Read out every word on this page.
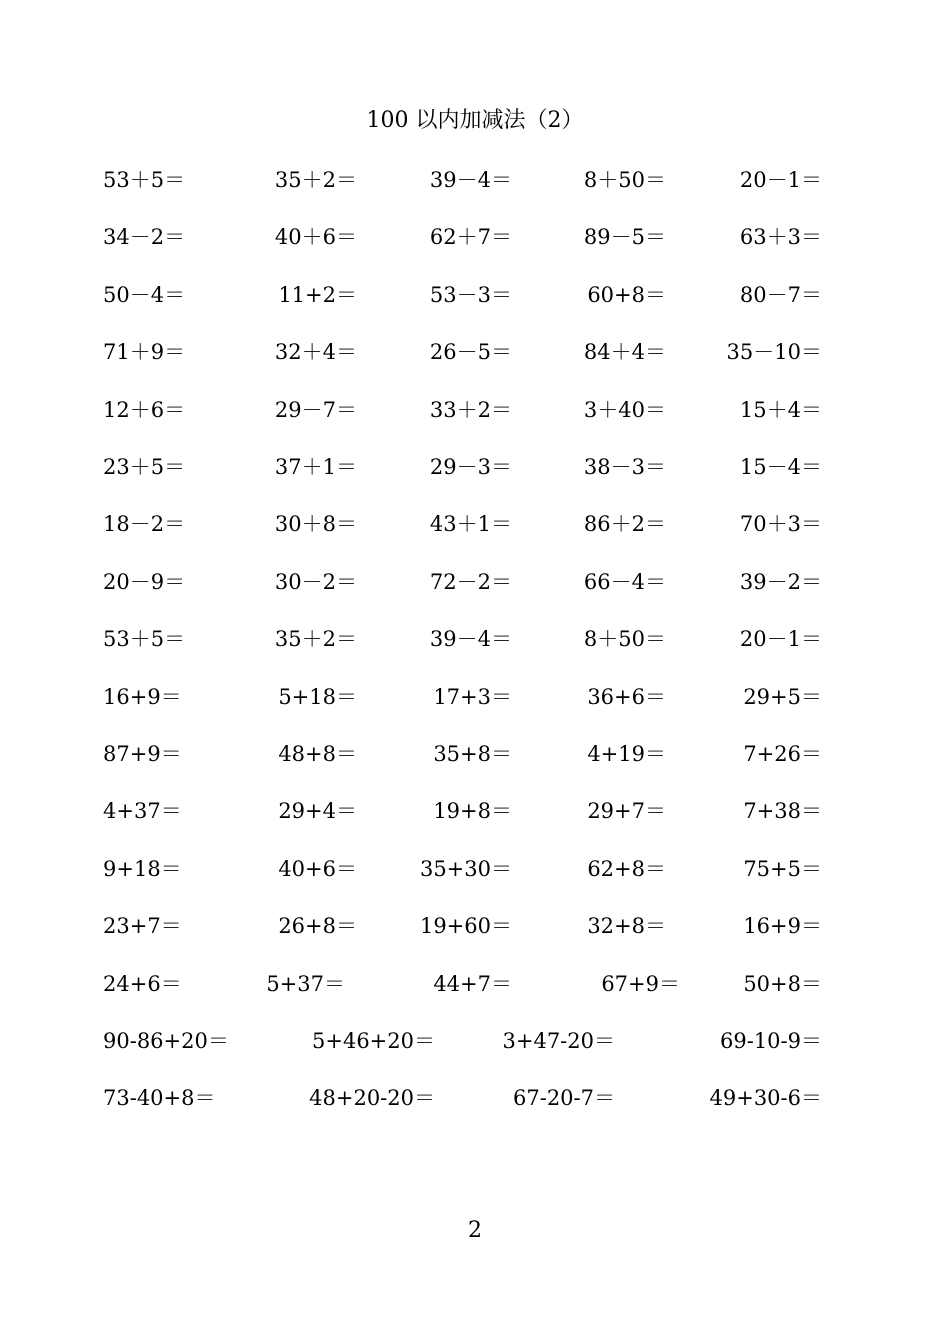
100 以内加减法（2）
53＋5＝	35＋2＝	39－4＝	8＋50＝	20－1＝
34－2＝	40＋6＝	62＋7＝	89－5＝	63＋3＝
50－4＝	11+2＝	53－3＝	60+8＝	80－7＝
71＋9＝	32＋4＝	26－5＝	84＋4＝	35－10＝
12＋6＝	29－7＝	33＋2＝	3＋40＝	15＋4＝
23＋5＝	37＋1＝	29－3＝	38－3＝	15－4＝
18－2＝	30＋8＝	43＋1＝	86＋2＝	70＋3＝
20－9＝	30－2＝	72－2＝	66－4＝	39－2＝
53＋5＝	35＋2＝	39－4＝	8＋50＝	20－1＝
16+9＝	5+18＝	17+3＝	36+6＝	29+5＝
87+9＝	48+8＝	35+8＝	4+19＝	7+26＝
4+37＝	29+4＝	19+8＝	29+7＝	7+38＝
9+18＝	40+6＝	35+30＝	62+8＝	75+5＝
23+7＝	26+8＝	19+60＝	32+8＝	16+9＝
24+6＝	5+37＝	44+7＝	67+9＝	50+8＝
90-86+20＝	5+46+20＝	3+47-20＝	69-10-9＝
73-40+8＝	48+20-20＝	67-20-7＝	49+30-6＝
2
